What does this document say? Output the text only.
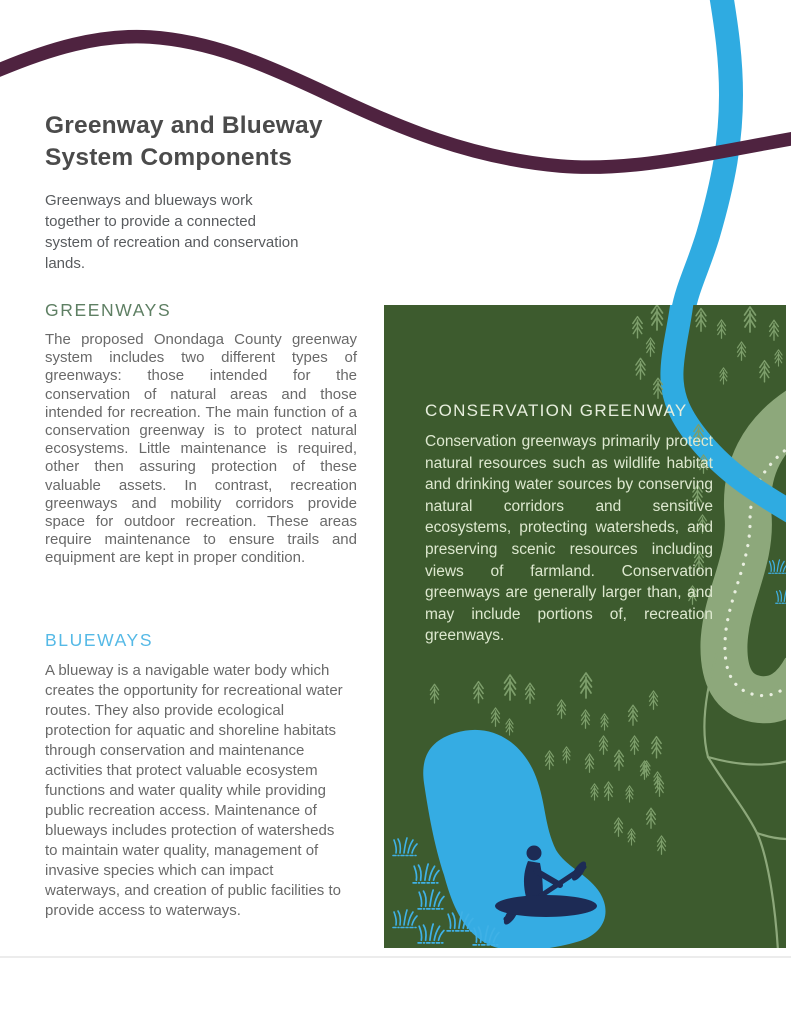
Greenway and Blueway
System Components

Greenways and blueways work together to provide a connected system of recreation and conservation lands.

GREENWAYS

The proposed Onondaga County greenway system includes two different types of greenways: those intended for the conservation of natural areas and those intended for recreation. The main function of a conservation greenway is to protect natural ecosystems. Little maintenance is required, other then assuring protection of these valuable assets. In contrast, recreation greenways and mobility corridors provide space for outdoor recreation. These areas require maintenance to ensure trails and equipment are kept in proper condition.

BLUEWAYS

A blueway is a navigable water body which creates the opportunity for recreational water routes. They also provide ecological protection for aquatic and shoreline habitats through conservation and maintenance activities that protect valuable ecosystem functions and water quality while providing public recreation access. Maintenance of blueways includes protection of watersheds to maintain water quality, management of invasive species which can impact waterways, and creation of public facilities to provide access to waterways.

CONSERVATION GREENWAY

Conservation greenways primarily protect natural resources such as wildlife habitat and drinking water sources by conserving natural corridors and sensitive ecosystems, protecting watersheds, and preserving scenic resources including views of farmland. Conservation greenways are generally larger than, and may include portions of, recreation greenways.
